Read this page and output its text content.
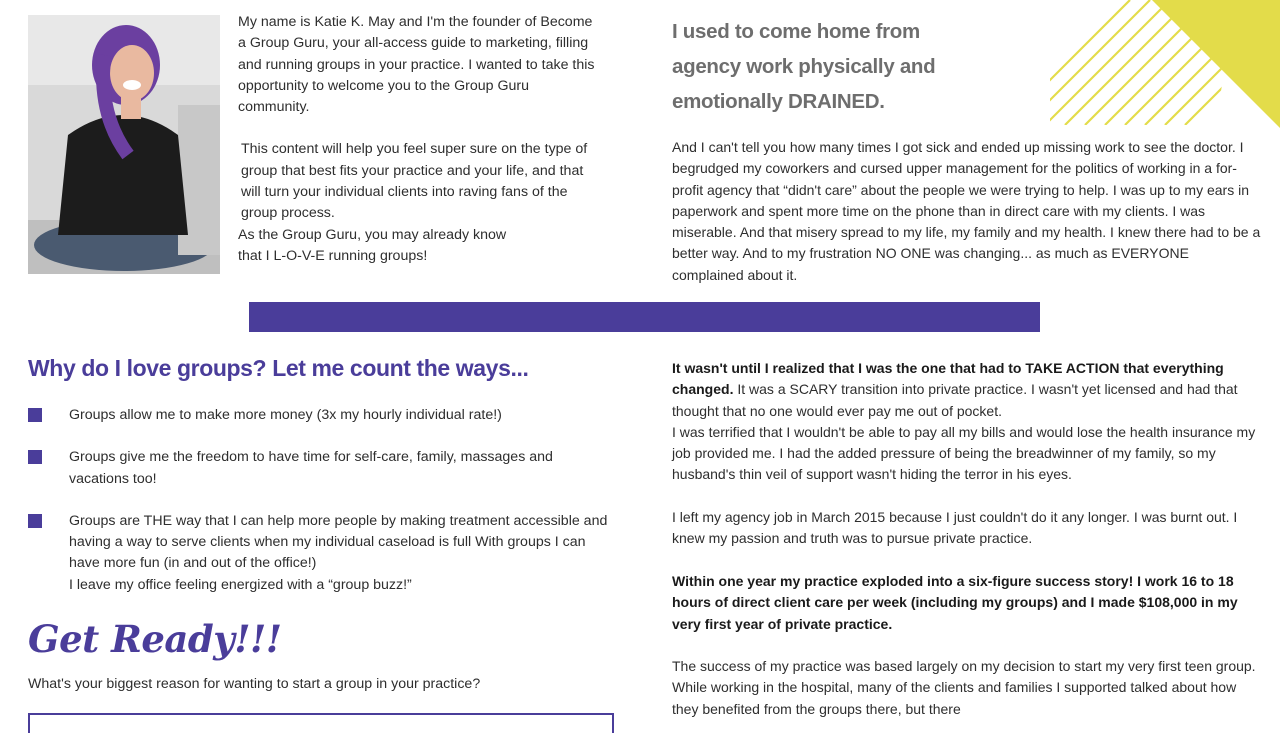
My name is Katie K. May and I'm the founder of Become a Group Guru, your all-access guide to marketing, filling and running groups in your practice. I wanted to take this opportunity to welcome you to the Group Guru community.

This content will help you feel super sure on the type of group that best fits your practice and your life, and that will turn your individual clients into raving fans of the group process.

As the Group Guru, you may already know

that I L-O-V-E running groups!

I used to come home from
agency work physically and
emotionally DRAINED.
And I can't tell you how many times I got sick and ended up missing work to see the doctor. I begrudged my coworkers and cursed upper management for the politics of working in a for-profit agency that “didn't care” about the people we were trying to help. I was up to my ears in paperwork and spent more time on the phone than in direct care with my clients. I was miserable. And that misery spread to my life, my family and my health. I knew there had to be a better way. And to my frustration NO ONE was changing... as much as EVERYONE complained about it.
Why do I love groups? Let me count the ways...
Groups allow me to make more money (3x my hourly individual rate!)
Groups give me the freedom to have time for self-care, family, massages and vacations too!
Groups are THE way that I can help more people by making treatment accessible and having a way to serve clients when my individual caseload is full With groups I can have more fun (in and out of the office!)
I leave my office feeling energized with a “group buzz!”
Get Ready!!!
What's your biggest reason for wanting to start a group in your practice?

It wasn't until I realized that I was the one that had to TAKE ACTION that everything changed. It was a SCARY transition into private practice. I wasn't yet licensed and had that thought that no one would ever pay me out of pocket.
I was terrified that I wouldn't be able to pay all my bills and would lose the health insurance my job provided me. I had the added pressure of being the breadwinner of my family, so my husband's thin veil of support wasn't hiding the terror in his eyes.

I left my agency job in March 2015 because I just couldn't do it any longer. I was burnt out. I knew my passion and truth was to pursue private practice.

Within one year my practice exploded into a six-figure success story! I work 16 to 18 hours of direct client care per week (including my groups) and I made $108,000 in my very first year of private practice.

The success of my practice was based largely on my decision to start my very first teen group. While working in the hospital, many of the clients and families I supported talked about how they benefited from the groups there, but there
